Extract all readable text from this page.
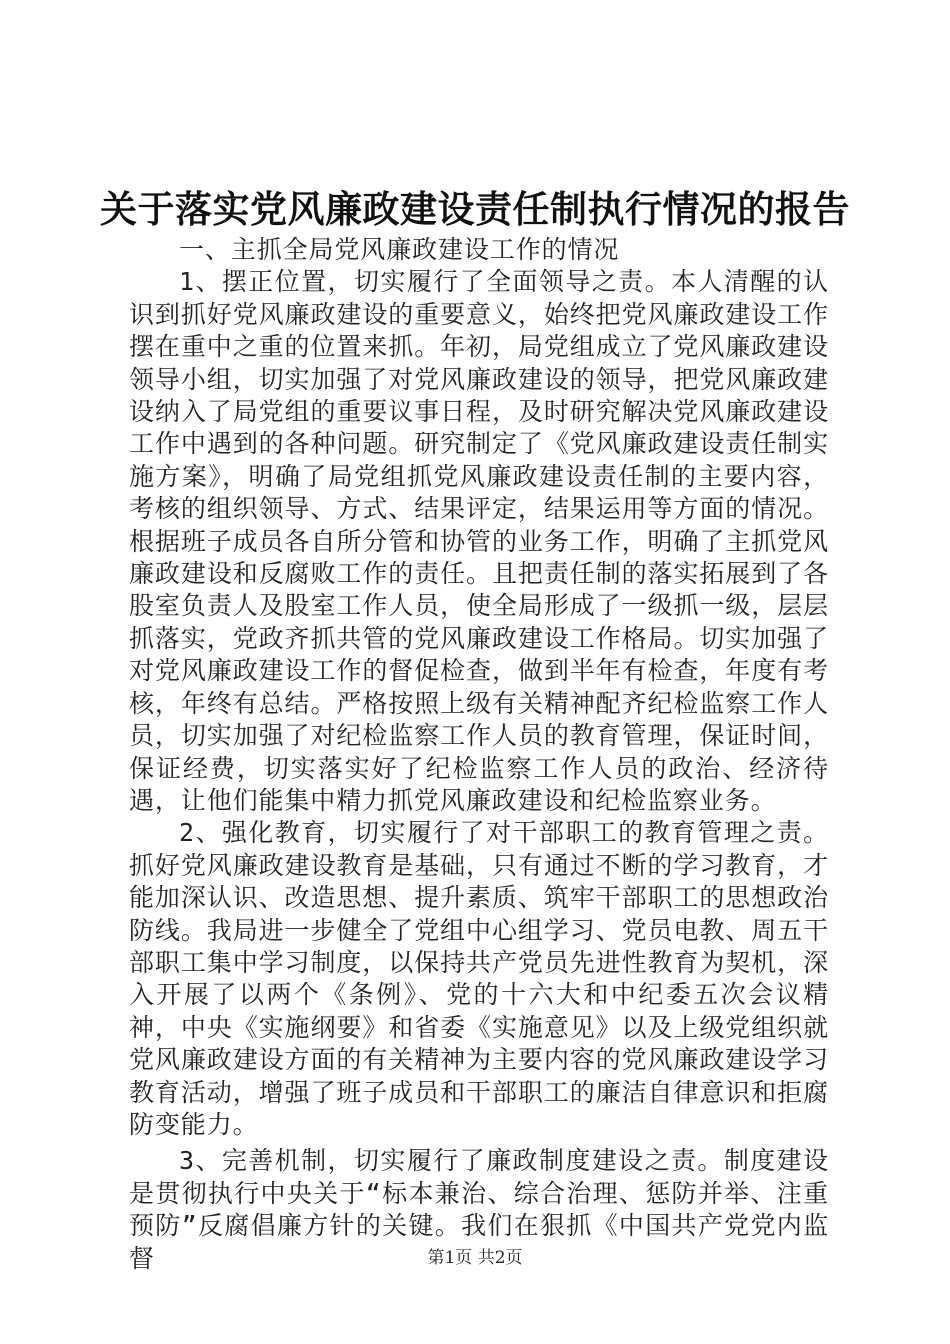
关于落实党风廉政建设责任制执行情况的报告

一、主抓全局党风廉政建设工作的情况

1、摆正位置，切实履行了全面领导之责。本人清醒的认识到抓好党风廉政建设的重要意义，始终把党风廉政建设工作摆在重中之重的位置来抓。年初，局党组成立了党风廉政建设领导小组，切实加强了对党风廉政建设的领导，把党风廉政建设纳入了局党组的重要议事日程，及时研究解决党风廉政建设工作中遇到的各种问题。研究制定了《党风廉政建设责任制实施方案》，明确了局党组抓党风廉政建设责任制的主要内容，考核的组织领导、方式、结果评定，结果运用等方面的情况。根据班子成员各自所分管和协管的业务工作，明确了主抓党风廉政建设和反腐败工作的责任。且把责任制的落实拓展到了各股室负责人及股室工作人员，使全局形成了一级抓一级，层层抓落实，党政齐抓共管的党风廉政建设工作格局。切实加强了对党风廉政建设工作的督促检查，做到半年有检查，年度有考核，年终有总结。严格按照上级有关精神配齐纪检监察工作人员，切实加强了对纪检监察工作人员的教育管理，保证时间，保证经费，切实落实好了纪检监察工作人员的政治、经济待遇，让他们能集中精力抓党风廉政建设和纪检监察业务。

2、强化教育，切实履行了对干部职工的教育管理之责。抓好党风廉政建设教育是基础，只有通过不断的学习教育，才能加深认识、改造思想、提升素质、筑牢干部职工的思想政治防线。我局进一步健全了党组中心组学习、党员电教、周五干部职工集中学习制度，以保持共产党员先进性教育为契机，深入开展了以两个《条例》、党的十六大和中纪委五次会议精神，中央《实施纲要》和省委《实施意见》以及上级党组织就党风廉政建设方面的有关精神为主要内容的党风廉政建设学习教育活动，增强了班子成员和干部职工的廉洁自律意识和拒腐防变能力。

3、完善机制，切实履行了廉政制度建设之责。制度建设是贯彻执行中央关于“标本兼治、综合治理、惩防并举、注重预防”反腐倡廉方针的关键。我们在狠抓《中国共产党党内监督	第1页 共2页
